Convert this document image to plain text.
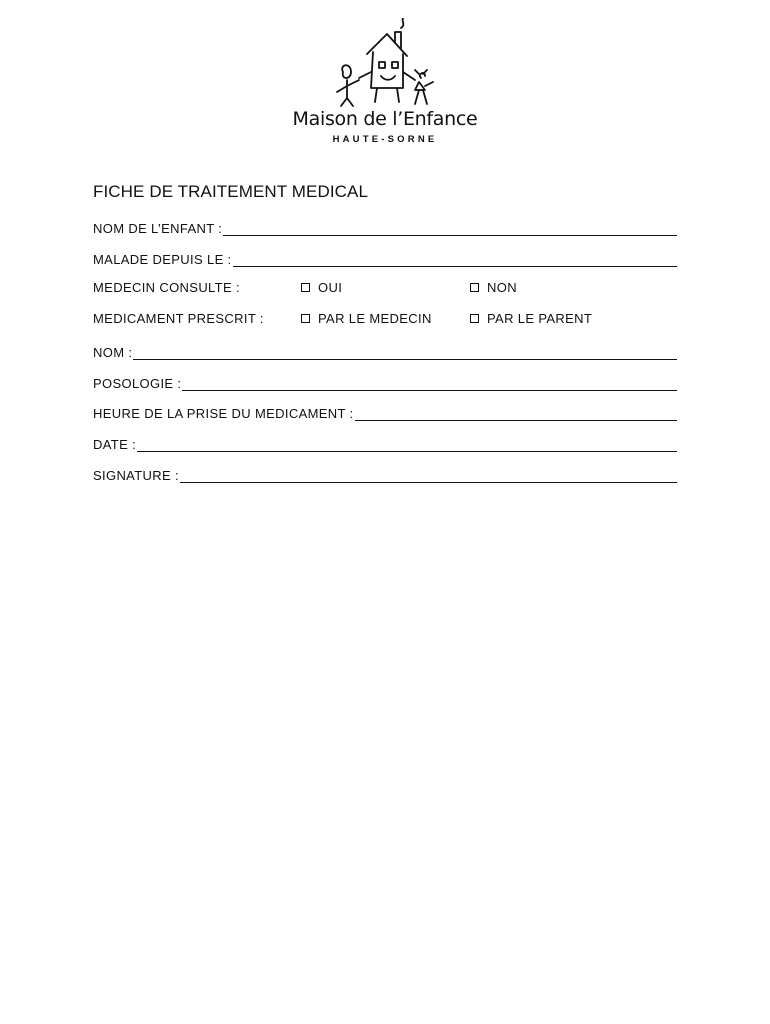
Maison de l’Enfance
HAUTE-SORNE
FICHE DE TRAITEMENT MEDICAL
NOM DE L’ENFANT :
MALADE DEPUIS LE :
MEDECIN CONSULTE :	OUI	NON
MEDICAMENT PRESCRIT :	PAR LE MEDECIN	PAR LE PARENT
NOM :
POSOLOGIE :
HEURE DE LA PRISE DU MEDICAMENT :
DATE :
SIGNATURE :
